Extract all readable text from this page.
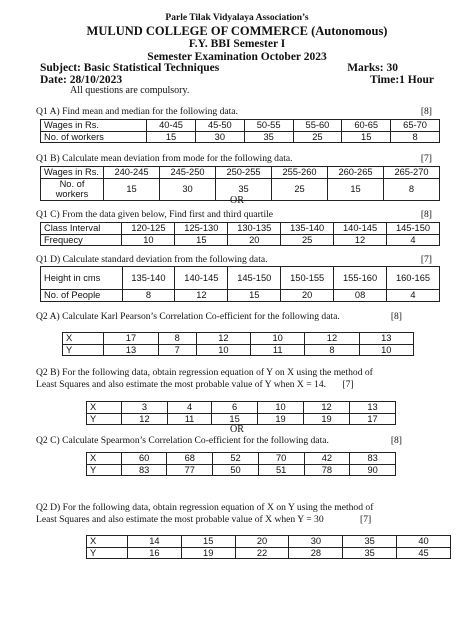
Parle Tilak Vidyalaya Association’s
MULUND COLLEGE OF COMMERCE (Autonomous)
F.Y. BBI Semester I
Semester Examination October 2023
Subject: Basic Statistical Techniques	Marks: 30
Date: 28/10/2023	Time:1 Hour
All questions are compulsory.
Q1 A) Find mean and median for the following data.	[8]
Wages in Rs.	40-45	45-50	50-55	55-60	60-65	65-70
No. of workers	15	30	35	25	15	8
Q1 B) Calculate mean deviation from mode for the following data.	[7]
Wages in Rs.	240-245	245-250	250-255	255-260	260-265	265-270
No. of workers	15	30	35	25	15	8
OR
Q1 C) From the data given below, Find first and third quartile	[8]
Class Interval	120-125	125-130	130-135	135-140	140-145	145-150
Frequecy	10	15	20	25	12	4
Q1 D) Calculate standard deviation from the following data.	[7]
Height in cms	135-140	140-145	145-150	150-155	155-160	160-165
No. of People	8	12	15	20	08	4
Q2 A) Calculate Karl Pearson’s Correlation Co-efficient for the following data.	[8]
X	17	8	12	10	12	13
Y	13	7	10	11	8	10
Q2 B) For the following data, obtain regression equation of Y on X using the method of
Least Squares and also estimate the most probable value of Y when X = 14. [7]
X	3	4	6	10	12	13
Y	12	11	15	19	19	17
OR
Q2 C) Calculate Spearmon’s Correlation Co-efficient for the following data.	[8]
X	60	68	52	70	42	83
Y	83	77	50	51	78	90
Q2 D) For the following data, obtain regression equation of X on Y using the method of
Least Squares and also estimate the most probable value of X when Y = 30	[7]
X	14	15	20	30	35	40
Y	16	19	22	28	35	45
